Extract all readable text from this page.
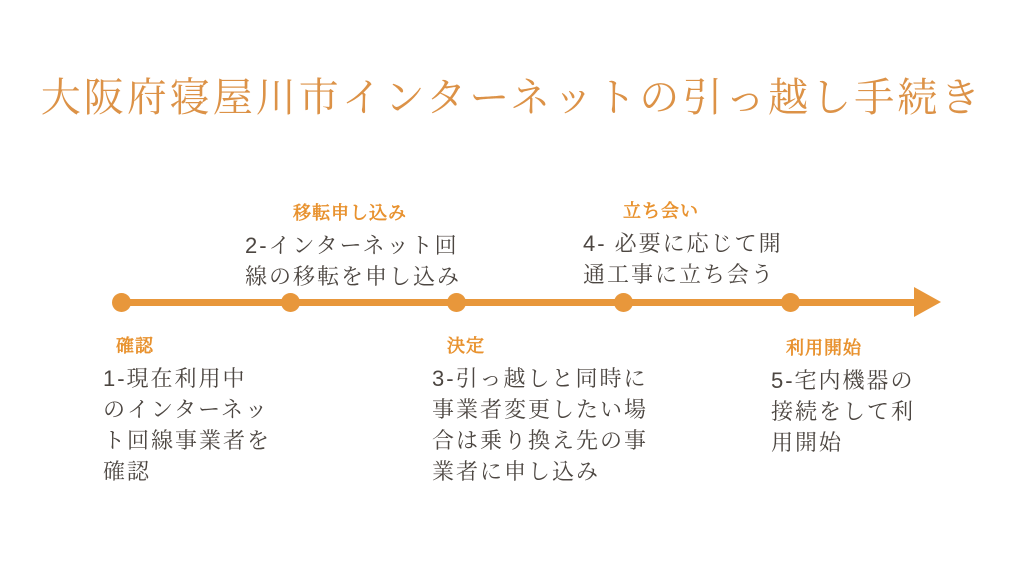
大阪府寝屋川市インターネットの引っ越し手続き
確認
1-現在利用中
のインターネッ
ト回線事業者を
確認
移転申し込み
2-インターネット回
線の移転を申し込み
決定
3-引っ越しと同時に
事業者変更したい場
合は乗り換え先の事
業者に申し込み
立ち会い
4- 必要に応じて開
通工事に立ち会う
利用開始
5-宅内機器の
接続をして利
用開始
